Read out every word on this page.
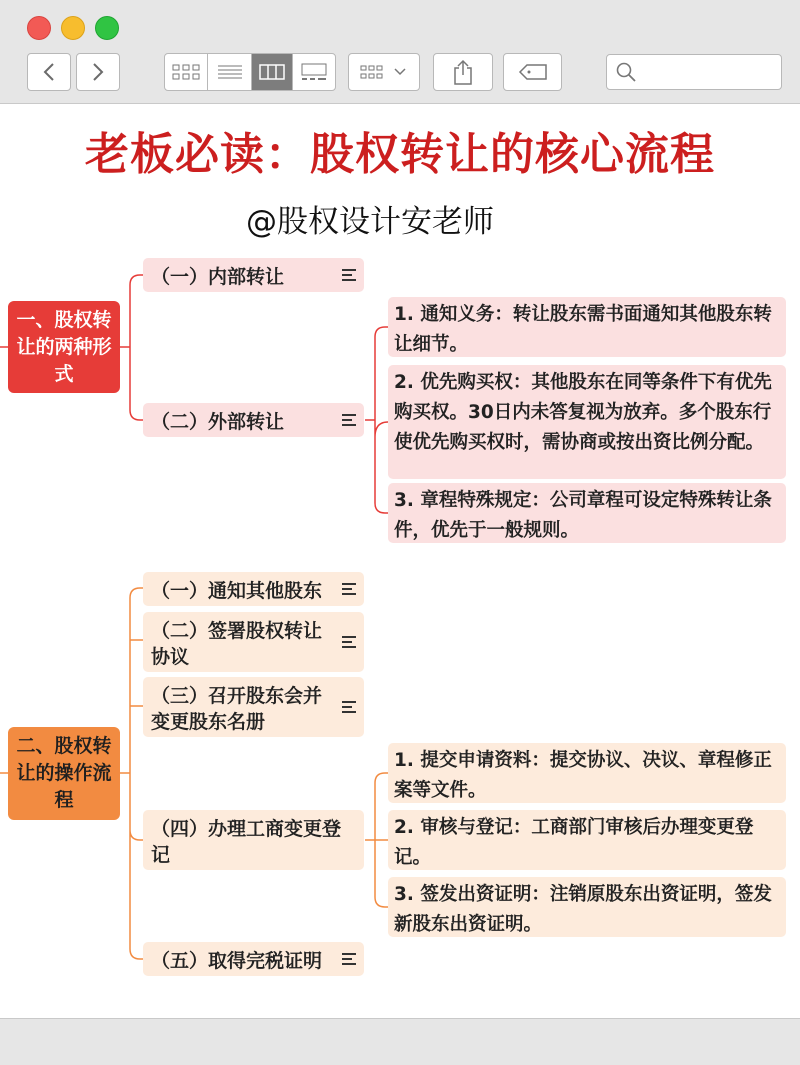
老板必读：股权转让的核心流程
@股权设计安老师
一、股权转让的两种形式
（一）内部转让
（二）外部转让
1. 通知义务：转让股东需书面通知其他股东转让细节。
2. 优先购买权：其他股东在同等条件下有优先购买权。30日内未答复视为放弃。多个股东行使优先购买权时，需协商或按出资比例分配。
3. 章程特殊规定：公司章程可设定特殊转让条件，优先于一般规则。
二、股权转让的操作流程
（一）通知其他股东
（二）签署股权转让协议
（三）召开股东会并变更股东名册
（四）办理工商变更登记
（五）取得完税证明
1. 提交申请资料：提交协议、决议、章程修正案等文件。
2. 审核与登记：工商部门审核后办理变更登记。
3. 签发出资证明：注销原股东出资证明，签发新股东出资证明。
